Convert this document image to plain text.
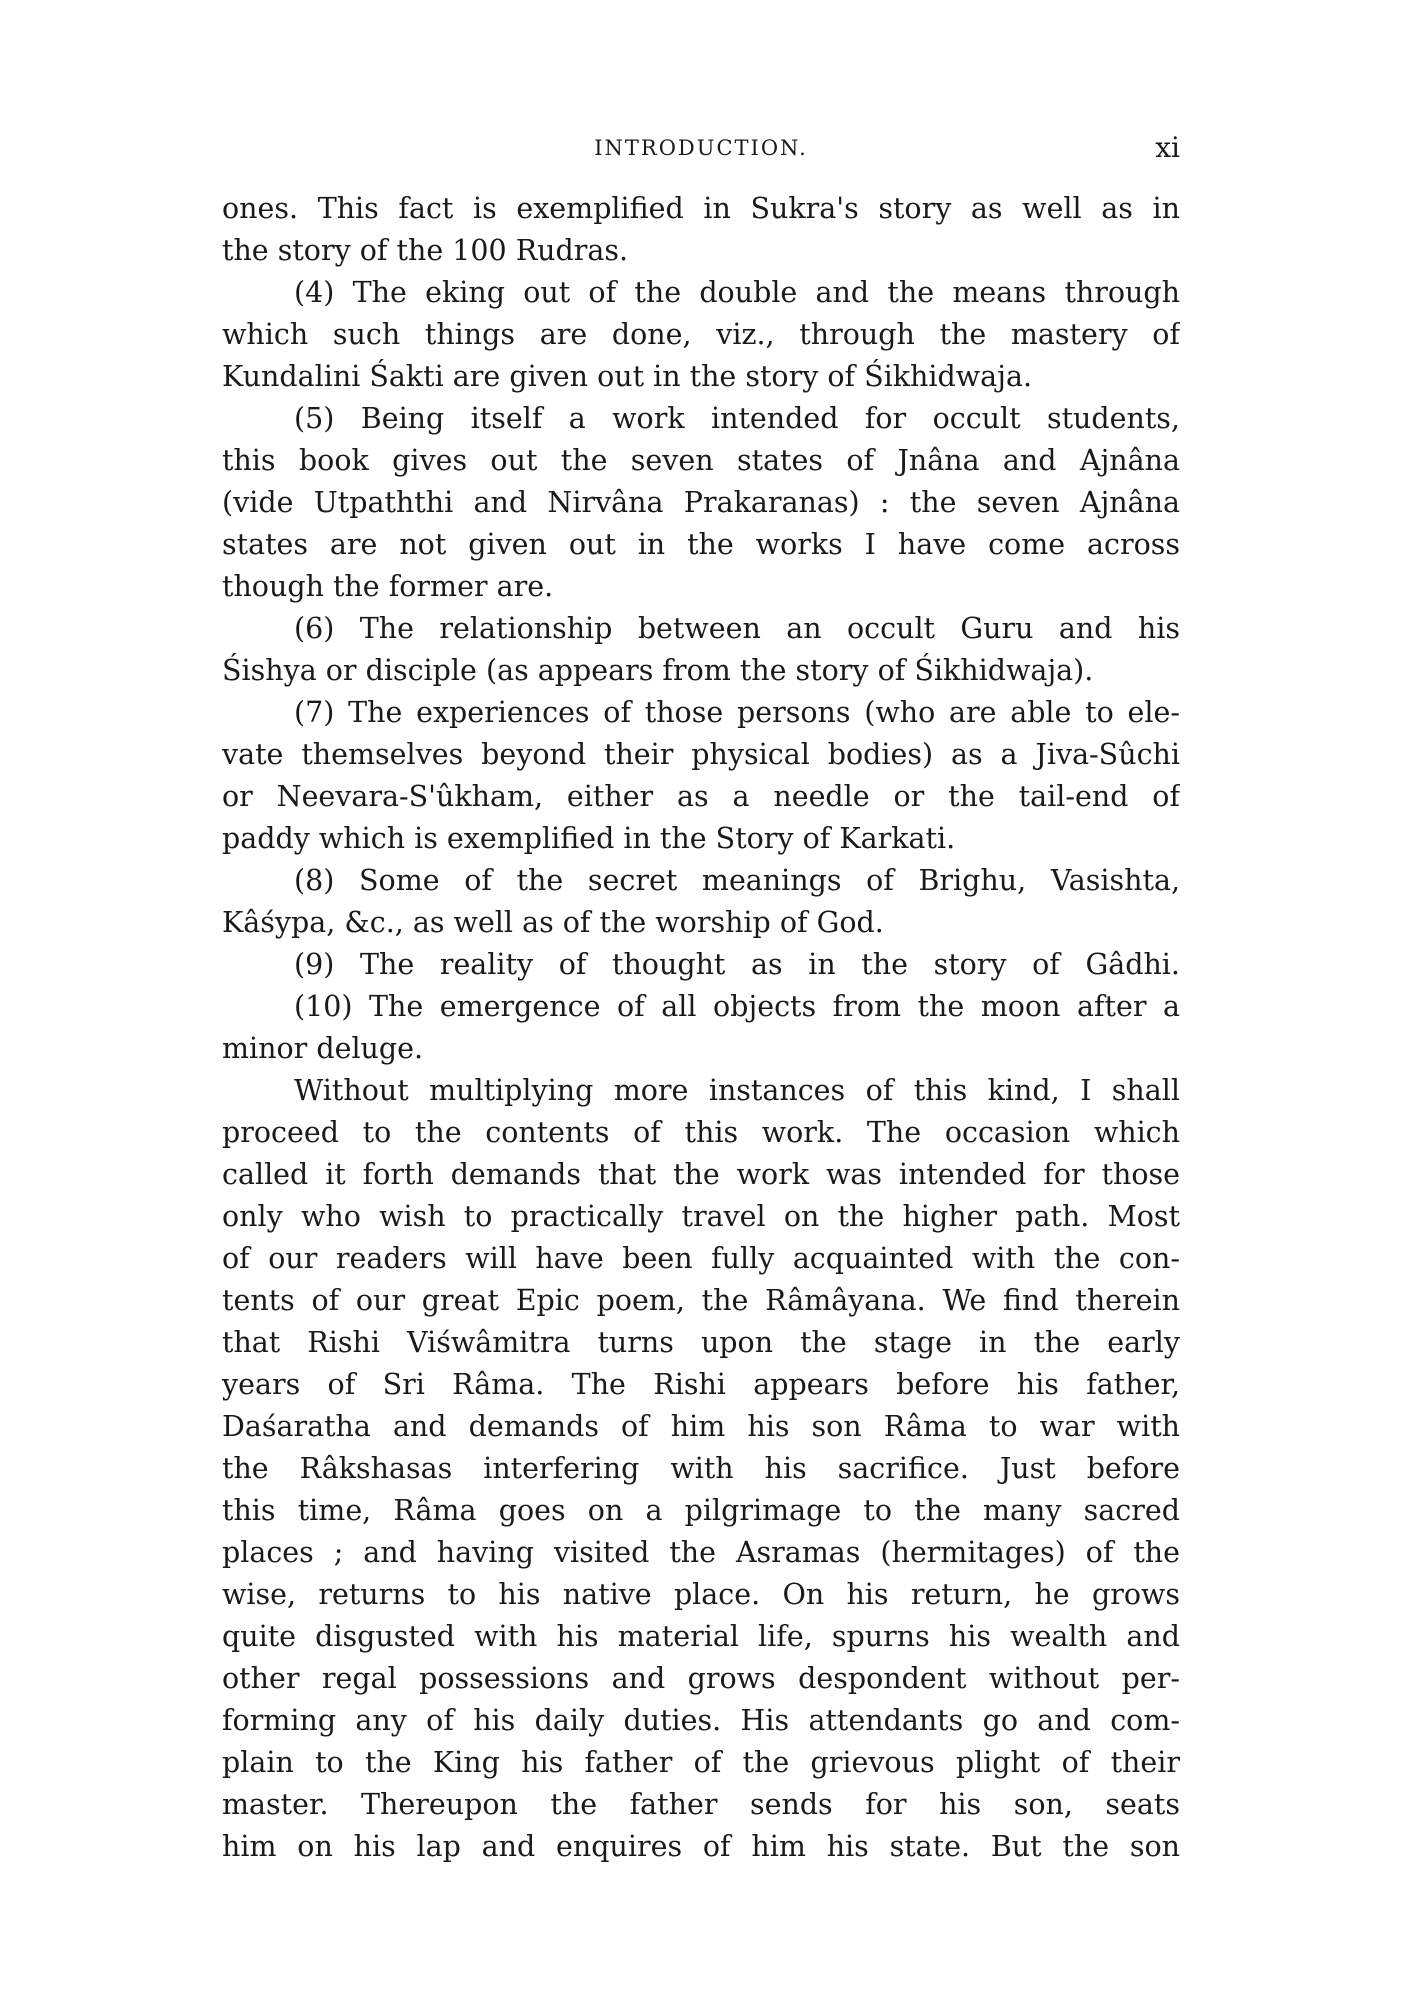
INTRODUCTION.	xi
ones. This fact is exemplified in Sukra's story as well as in
the story of the 100 Rudras.
(4) The eking out of the double and the means through
which such things are done, viz., through the mastery of
Kundalini Śakti are given out in the story of Śikhidwaja.
(5) Being itself a work intended for occult students,
this book gives out the seven states of Jnâna and Ajnâna
(vide Utpaththi and Nirvâna Prakaranas) : the seven Ajnâna
states are not given out in the works I have come across
though the former are.
(6) The relationship between an occult Guru and his
Śishya or disciple (as appears from the story of Śikhidwaja).
(7) The experiences of those persons (who are able to ele-
vate themselves beyond their physical bodies) as a Jiva-Sûchi
or Neevara-S'ûkham, either as a needle or the tail-end of
paddy which is exemplified in the Story of Karkati.
(8) Some of the secret meanings of Brighu, Vasishta,
Kâśypa, &c., as well as of the worship of God.
(9) The reality of thought as in the story of Gâdhi.
(10) The emergence of all objects from the moon after a
minor deluge.
Without multiplying more instances of this kind, I shall
proceed to the contents of this work. The occasion which
called it forth demands that the work was intended for those
only who wish to practically travel on the higher path. Most
of our readers will have been fully acquainted with the con-
tents of our great Epic poem, the Râmâyana. We find therein
that Rishi Viśwâmitra turns upon the stage in the early
years of Sri Râma. The Rishi appears before his father,
Daśaratha and demands of him his son Râma to war with
the Râkshasas interfering with his sacrifice. Just before
this time, Râma goes on a pilgrimage to the many sacred
places ; and having visited the Asramas (hermitages) of the
wise, returns to his native place. On his return, he grows
quite disgusted with his material life, spurns his wealth and
other regal possessions and grows despondent without per-
forming any of his daily duties. His attendants go and com-
plain to the King his father of the grievous plight of their
master. Thereupon the father sends for his son, seats
him on his lap and enquires of him his state. But the son
